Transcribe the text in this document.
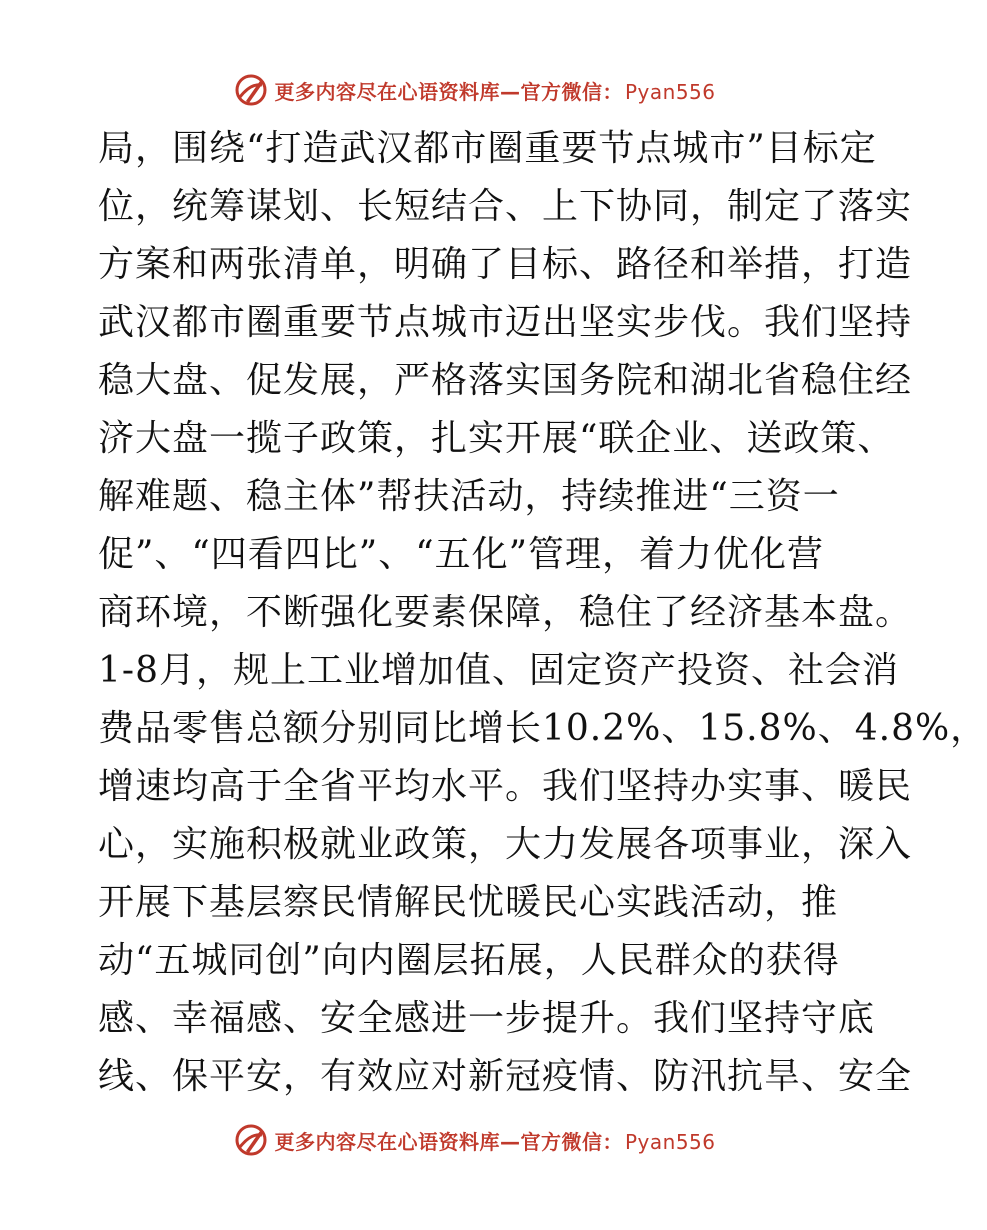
更多内容尽在心语资料库—官方微信： Pyan556
局，围绕“打造武汉都市圈重要节点城市”目标定
位，统筹谋划、长短结合、上下协同，制定了落实
方案和两张清单，明确了目标、路径和举措，打造
武汉都市圈重要节点城市迈出坚实步伐。我们坚持
稳大盘、促发展，严格落实国务院和湖北省稳住经
济大盘一揽子政策，扎实开展“联企业、送政策、
解难题、稳主体”帮扶活动，持续推进“三资一
促”、“四看四比”、“五化”管理，着力优化营
商环境，不断强化要素保障，稳住了经济基本盘。
1-8月，规上工业增加值、固定资产投资、社会消
费品零售总额分别同比增长10.2%、15.8%、4.8%，
增速均高于全省平均水平。我们坚持办实事、暖民
心，实施积极就业政策，大力发展各项事业，深入
开展下基层察民情解民忧暖民心实践活动，推
动“五城同创”向内圈层拓展，人民群众的获得
感、幸福感、安全感进一步提升。我们坚持守底
线、保平安，有效应对新冠疫情、防汛抗旱、安全
更多内容尽在心语资料库—官方微信： Pyan556
